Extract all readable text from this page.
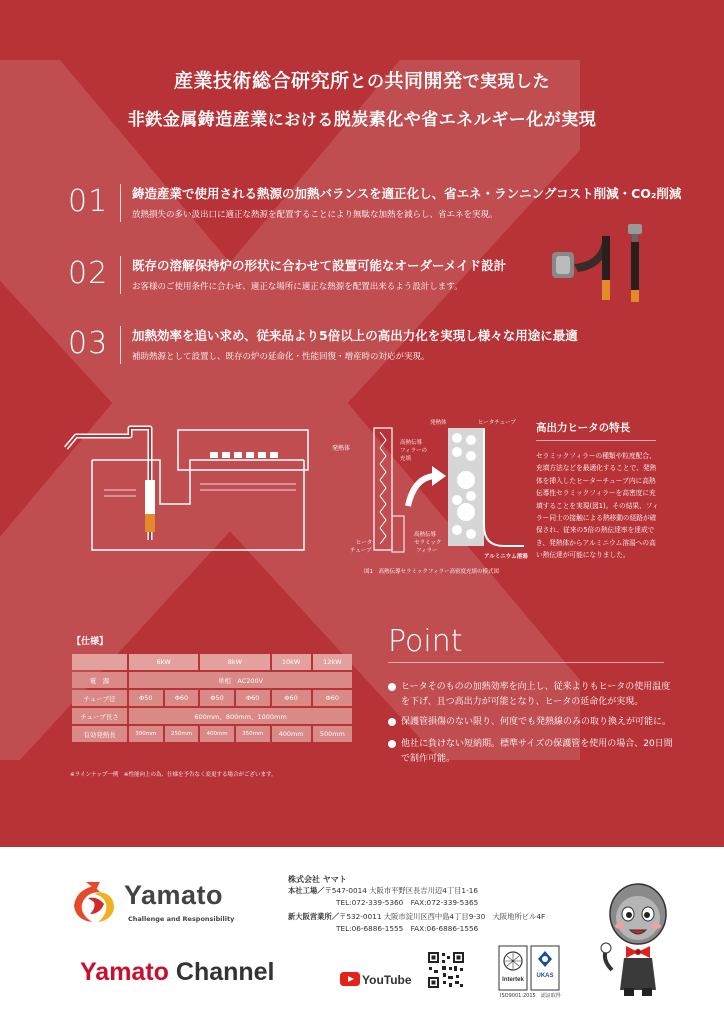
産業技術総合研究所との共同開発で実現した
非鉄金属鋳造産業における脱炭素化や省エネルギー化が実現
01 鋳造産業で使用される熱源の加熱バランスを適正化し、省エネ・ランニングコスト削減・CO₂削減
放熱損失の多い汲出口に適正な熱源を配置することにより無駄な加熱を減らし、省エネを実現。
02 既存の溶解保持炉の形状に合わせて設置可能なオーダーメイド設計
お客様のご使用条件に合わせ、適正な場所に適正な熱源を配置出来るよう設計します。
03 加熱効率を追い求め、従来品より5倍以上の高出力化を実現し様々な用途に最適
補助熱源として設置し、既存の炉の延命化・性能回復・増産時の対応が実現。
発熱体
高熱伝導
フィラーの
充填
ヒータ
チューブ
高熱伝導
セラミック
フィラー
発熱体	ヒータチューブ
アルミニウム溶湯
図1　高熱伝導セラミックフィラー高密度充填の模式図
高出力ヒータの特長
セラミックフィラーの種類や粒度配合、充填方法などを最適化することで、発熱体を挿入したヒーターチューブ内に高熱伝導性セラミックフィラーを高密度に充填することを実現(図1)。その結果、フィラー同士の接触による熱移動の経路が確保され、従来の5倍の熱伝達率を達成でき、発熱体からアルミニウム溶湯への高い熱伝達が可能になりました。
【仕様】
	6kW		8kW		10kW	12kW
電　源	単相　AC200V					
チューブ径	Φ50	Φ60	Φ50	Φ60	Φ60	Φ60
チューブ長さ	600mm、800mm、1000mm					
有効発熱長	300mm	250mm	400mm	350mm	400mm	500mm
※ラインナップ一例　※性能向上の為、仕様を予告なく変更する場合がございます。
Point
ヒータそのものの加熱効率を向上し、従来よりもヒータの使用温度を下げ、且つ高出力が可能となり、ヒータの延命化が実現。
保護管損傷のない限り、何度でも発熱線のみの取り換えが可能に。
他社に負けない短納期。標準サイズの保護管を使用の場合、20日間で制作可能。
Yamato
Challenge and Responsibility
株式会社 ヤマト
本社工場／〒547-0014 大阪市平野区長吉川辺4丁目1-16
TEL:072-339-5360　FAX:072-339-5365
新大阪営業所／〒532-0011 大阪市淀川区西中島4丁目9-30　大阪地所ビル4F
TEL:06-6886-1555　FAX:06-6886-1556
Yamato Channel	YouTube	Intertek
UKAS
ISO9001:2015　認証取得
